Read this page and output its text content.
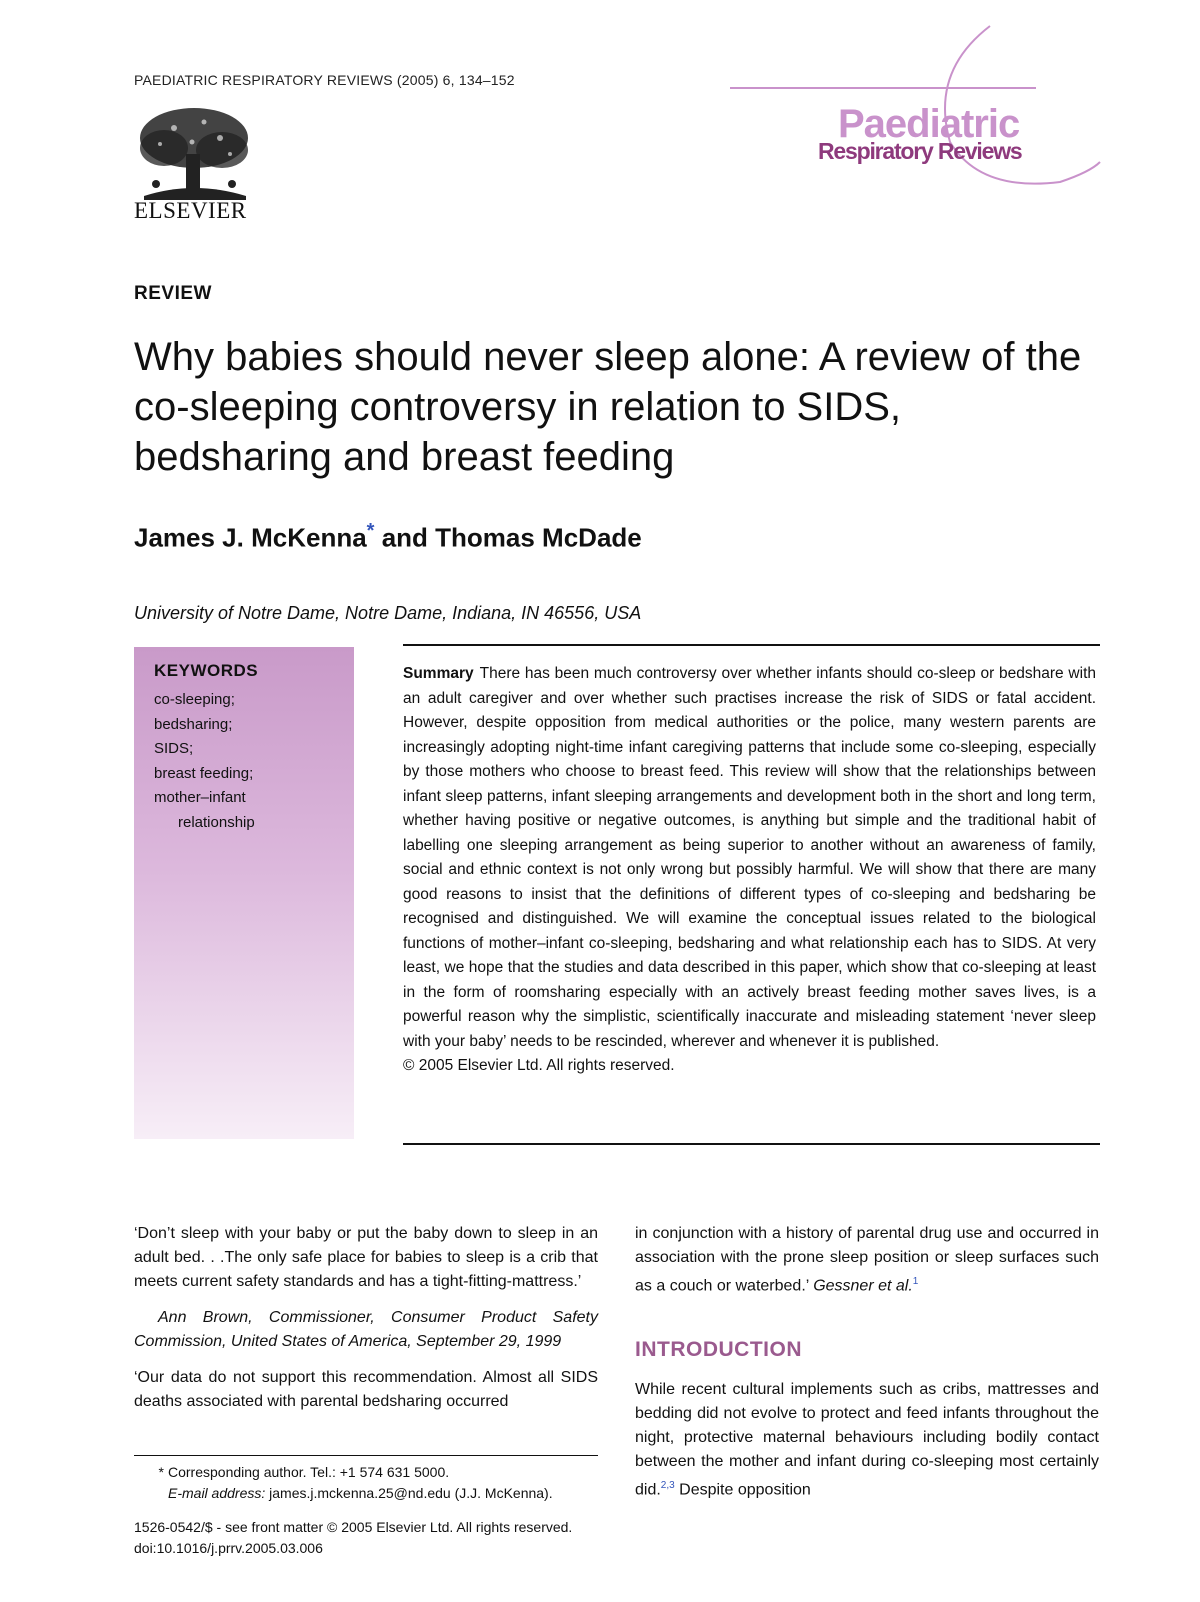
PAEDIATRIC RESPIRATORY REVIEWS (2005) 6, 134–152
ELSEVIER
Paediatric
Respiratory Reviews
REVIEW
Why babies should never sleep alone: A review of the co-sleeping controversy in relation to SIDS, bedsharing and breast feeding
James J. McKenna* and Thomas McDade
University of Notre Dame, Notre Dame, Indiana, IN 46556, USA
KEYWORDS
co-sleeping;
bedsharing;
SIDS;
breast feeding;
mother–infant
relationship
Summary There has been much controversy over whether infants should co-sleep or bedshare with an adult caregiver and over whether such practises increase the risk of SIDS or fatal accident. However, despite opposition from medical authorities or the police, many western parents are increasingly adopting night-time infant caregiving patterns that include some co-sleeping, especially by those mothers who choose to breast feed. This review will show that the relationships between infant sleep patterns, infant sleeping arrangements and development both in the short and long term, whether having positive or negative outcomes, is anything but simple and the traditional habit of labelling one sleeping arrangement as being superior to another without an awareness of family, social and ethnic context is not only wrong but possibly harmful. We will show that there are many good reasons to insist that the definitions of different types of co-sleeping and bedsharing be recognised and distinguished. We will examine the conceptual issues related to the biological functions of mother–infant co-sleeping, bedsharing and what relationship each has to SIDS. At very least, we hope that the studies and data described in this paper, which show that co-sleeping at least in the form of roomsharing especially with an actively breast feeding mother saves lives, is a powerful reason why the simplistic, scientifically inaccurate and misleading statement ‘never sleep with your baby’ needs to be rescinded, wherever and whenever it is published.
© 2005 Elsevier Ltd. All rights reserved.

‘Don’t sleep with your baby or put the baby down to sleep in an adult bed. . .The only safe place for babies to sleep is a crib that meets current safety standards and has a tight-fitting-mattress.’

Ann Brown, Commissioner, Consumer Product Safety Commission, United States of America, September 29, 1999

‘Our data do not support this recommendation. Almost all SIDS deaths associated with parental bedsharing occurred

* Corresponding author. Tel.: +1 574 631 5000.
E-mail address: james.j.mckenna.25@nd.edu (J.J. McKenna).
1526-0542/$ - see front matter © 2005 Elsevier Ltd. All rights reserved.
doi:10.1016/j.prrv.2005.03.006

in conjunction with a history of parental drug use and occurred in association with the prone sleep position or sleep surfaces such as a couch or waterbed.’ Gessner et al.$^1$

INTRODUCTION

While recent cultural implements such as cribs, mattresses and bedding did not evolve to protect and feed infants throughout the night, protective maternal behaviours including bodily contact between the mother and infant during co-sleeping most certainly did.$^{2,3}$ Despite opposition
